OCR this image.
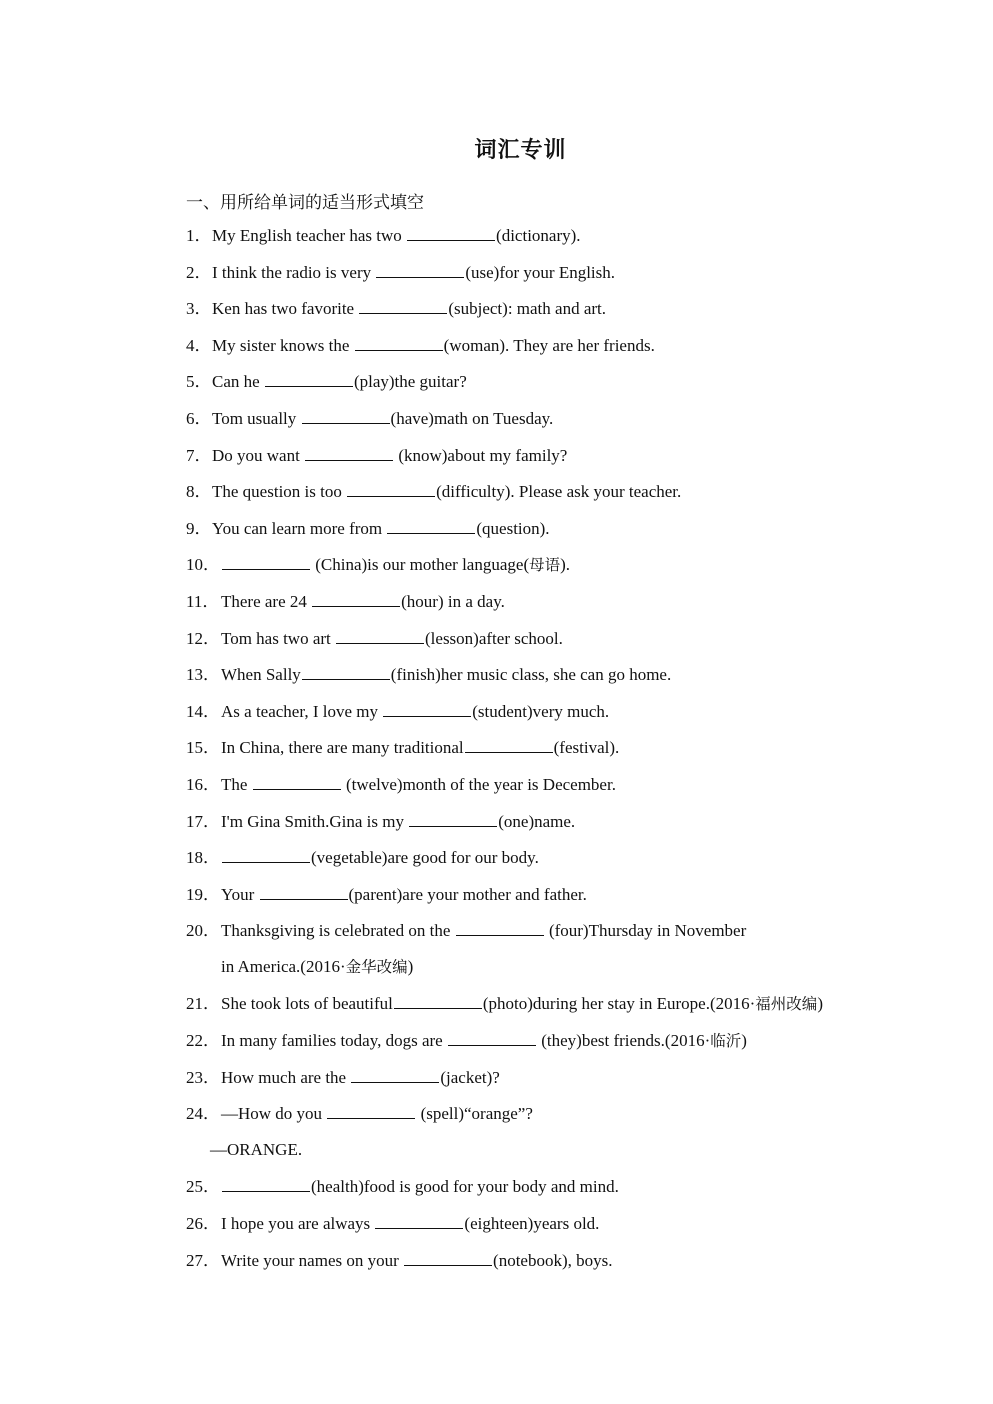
词汇专训
一、用所给单词的适当形式填空
1．My English teacher has two	(dictionary).
2．I think the radio is very	(use)for your English.
3．Ken has two favorite	(subject): math and art.
4．My sister knows the	(woman). They are her friends.
5．Can he	(play)the guitar?
6．Tom usually	(have)math on Tuesday.
7．Do you want	(know)about my family?
8．The question is too	(difficulty). Please ask your teacher.
9．You can learn more from	(question).
10．	(China)is our mother language(母语).
11．There are 24	(hour) in a day.
12．Tom has two art	(lesson)after school.
13．When Sally	(finish)her music class, she can go home.
14．As a teacher, I love my	(student)very much.
15．In China, there are many traditional	(festival).
16．The	(twelve)month of the year is December.
17．I'm Gina Smith.Gina is my	(one)name.
18．	(vegetable)are good for our body.
19．Your	(parent)are your mother and father.
20．Thanksgiving is celebrated on the	(four)Thursday in November
in America.(2016·金华改编)
21．She took lots of beautiful	(photo)during her stay in Europe.(2016·福州改编)
22．In many families today, dogs are	(they)best friends.(2016·临沂)
23．How much are the	(jacket)?
24．—How do you	(spell)“orange”?
—ORANGE.
25．	(health)food is good for your body and mind.
26．I hope you are always	(eighteen)years old.
27．Write your names on your	(notebook), boys.
